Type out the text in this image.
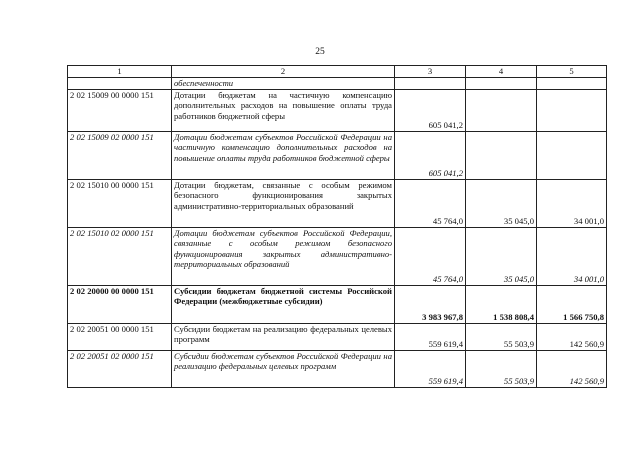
25
1	2	3	4	5
	обеспеченности			
2 02 15009 00 0000 151	Дотации бюджетам на частичную компенсацию дополнительных расходов на повышение оплаты труда работников бюджетной сферы	605 041,2		
2 02 15009 02 0000 151	Дотации бюджетам субъектов Российской Федерации на частичную компенсацию дополнительных расходов на повышение оплаты труда работников бюджетной сферы	605 041,2		
2 02 15010 00 0000 151	Дотации бюджетам, связанные с особым режимом безопасного функционирования закрытых административно-территориальных образований	45 764,0	35 045,0	34 001,0
2 02 15010 02 0000 151	Дотации бюджетам субъектов Российской Федерации, связанные с особым режимом безопасного функционирования закрытых административно-территориальных образований	45 764,0	35 045,0	34 001,0
2 02 20000 00 0000 151	Субсидии бюджетам бюджетной системы Российской Федерации (межбюджетные субсидии)	3 983 967,8	1 538 808,4	1 566 750,8
2 02 20051 00 0000 151	Субсидии бюджетам на реализацию федеральных целевых программ	559 619,4	55 503,9	142 560,9
2 02 20051 02 0000 151	Субсидии бюджетам субъектов Российской Федерации на реализацию федеральных целевых программ	559 619,4	55 503,9	142 560,9
